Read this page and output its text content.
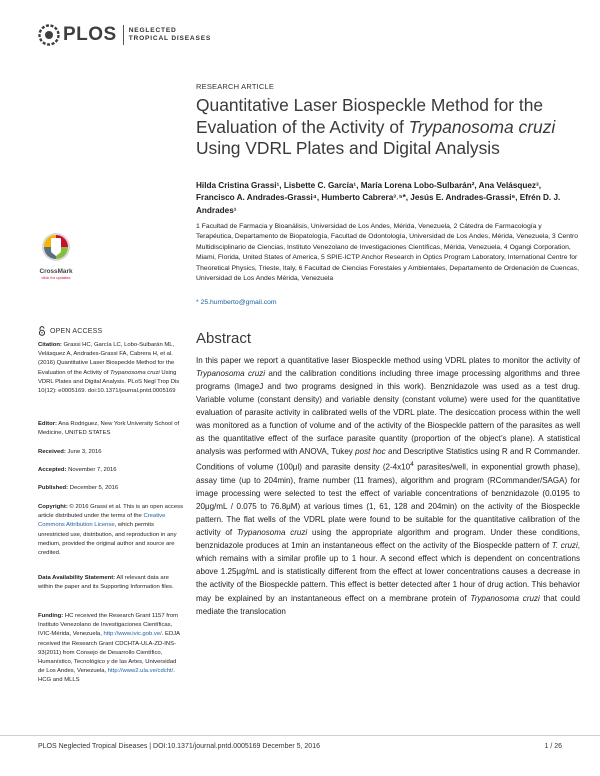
PLOS NEGLECTED
TROPICAL DISEASES
RESEARCH ARTICLE
Quantitative Laser Biospeckle Method for the Evaluation of the Activity of Trypanosoma cruzi Using VDRL Plates and Digital Analysis
Hilda Cristina Grassi¹, Lisbette C. García¹, María Lorena Lobo-Sulbarán², Ana Velásquez³, Francisco A. Andrades-Grassi⁴, Humberto Cabrera³˒⁵*, Jesús E. Andrades-Grassi⁶, Efrén D. J. Andrades¹
1 Facultad de Farmacia y Bioanálisis, Universidad de Los Andes, Mérida, Venezuela, 2 Cátedra de Farmacología y Terapéutica, Departamento de Biopatología, Facultad de Odontología, Universidad de Los Andes, Mérida, Venezuela, 3 Centro Multidisciplinario de Ciencias, Instituto Venezolano de Investigaciones Científicas, Mérida, Venezuela, 4 Ogangi Corporation, Miami, Florida, United States of America, 5 SPIE-ICTP Anchor Research in Optics Program Laboratory, International Centre for Theoretical Physics, Trieste, Italy, 6 Facultad de Ciencias Forestales y Ambientales, Departamento de Ordenación de Cuencas, Universidad de Los Andes Mérida, Venezuela
* 25.humberto@gmail.com
CrossMark
click for updates
OPEN ACCESS
Citation: Grassi HC, García LC, Lobo-Sulbarán ML, Velásquez A, Andrades-Grassi FA, Cabrera H, et al. (2016) Quantitative Laser Biospeckle Method for the Evaluation of the Activity of Trypanosoma cruzi Using VDRL Plates and Digital Analysis. PLoS Negl Trop Dis 10(12): e0005169. doi:10.1371/journal.pntd.0005169
Editor: Ana Rodriguez, New York University School of Medicine, UNITED STATES
Received: June 3, 2016
Accepted: November 7, 2016
Published: December 5, 2016
Copyright: © 2016 Grassi et al. This is an open access article distributed under the terms of the Creative Commons Attribution License, which permits unrestricted use, distribution, and reproduction in any medium, provided the original author and source are credited.
Data Availability Statement: All relevant data are within the paper and its Supporting Information files.
Funding: HC received the Research Grant 1157 from Instituto Venezolano de Investigaciones Científicas, IVIC-Mérida, Venezuela, http://www.ivic.gob.ve/. EDJA received the Research Grant CDCHTA-ULA-ZD-INS-93(2011) from Consejo de Desarrollo Científico, Humanístico, Tecnológico y de las Artes, Universidad de Los Andes, Venezuela, http://www2.ula.ve/cdcht/. HCG and MLLS
Abstract
In this paper we report a quantitative laser Biospeckle method using VDRL plates to monitor the activity of Trypanosoma cruzi and the calibration conditions including three image processing algorithms and three programs (ImageJ and two programs designed in this work). Benznidazole was used as a test drug. Variable volume (constant density) and variable density (constant volume) were used for the quantitative evaluation of parasite activity in calibrated wells of the VDRL plate. The desiccation process within the well was monitored as a function of volume and of the activity of the Biospeckle pattern of the parasites as well as the quantitative effect of the surface parasite quantity (proportion of the object’s plane). A statistical analysis was performed with ANOVA, Tukey post hoc and Descriptive Statistics using R and R Commander. Conditions of volume (100μl) and parasite density ($2-4x10^4$ parasites/well, in exponential growth phase), assay time (up to 204min), frame number (11 frames), algorithm and program (RCommander/SAGA) for image processing were selected to test the effect of variable concentrations of benznidazole (0.0195 to 20μg/mL / 0.075 to 76.8μM) at various times (1, 61, 128 and 204min) on the activity of the Biospeckle pattern. The flat wells of the VDRL plate were found to be suitable for the quantitative calibration of the activity of Trypanosoma cruzi using the appropriate algorithm and program. Under these conditions, benznidazole produces at 1min an instantaneous effect on the activity of the Biospeckle pattern of T. cruzi, which remains with a similar profile up to 1 hour. A second effect which is dependent on concentrations above 1.25μg/mL and is statistically different from the effect at lower concentrations causes a decrease in the activity of the Biospeckle pattern. This effect is better detected after 1 hour of drug action. This behavior may be explained by an instantaneous effect on a membrane protein of Trypanosoma cruzi that could mediate the translocation
PLOS Neglected Tropical Diseases | DOI:10.1371/journal.pntd.0005169 December 5, 2016	1 / 26
